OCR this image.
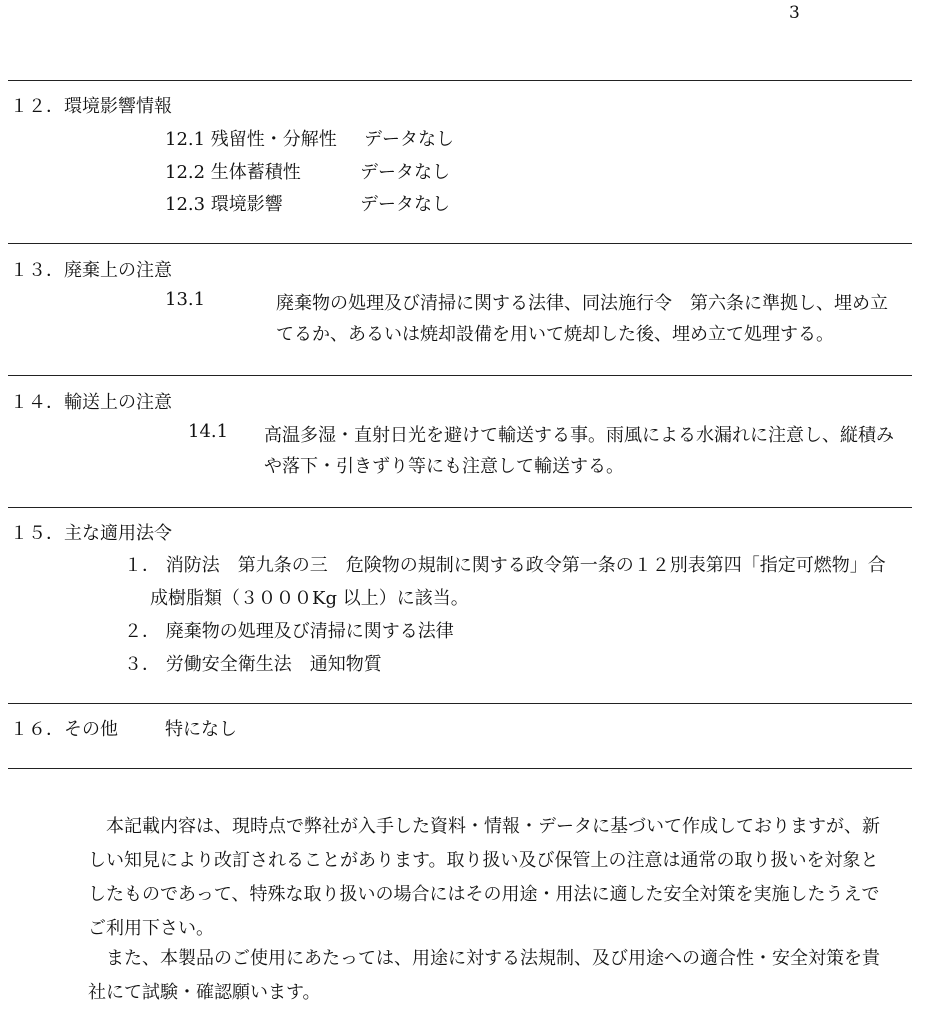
3
１２．環境影響情報
12.1 残留性・分解性 データなし
12.2 生体蓄積性	データなし
12.3 環境影響	データなし
１３．廃棄上の注意
13.1	廃棄物の処理及び清掃に関する法律、同法施行令　第六条に準拠し、埋め立
てるか、あるいは焼却設備を用いて焼却した後、埋め立て処理する。
１４．輸送上の注意
14.1 高温多湿・直射日光を避けて輸送する事。雨風による水漏れに注意し、縦積み
や落下・引きずり等にも注意して輸送する。
１５．主な適用法令
１． 消防法　第九条の三　危険物の規制に関する政令第一条の１２別表第四「指定可燃物」合
成樹脂類（３０００Kg 以上）に該当。
２． 廃棄物の処理及び清掃に関する法律
３． 労働安全衛生法　通知物質
１６．その他	特になし
　本記載内容は、現時点で弊社が入手した資料・情報・データに基づいて作成しておりますが、新
しい知見により改訂されることがあります。取り扱い及び保管上の注意は通常の取り扱いを対象と
したものであって、特殊な取り扱いの場合にはその用途・用法に適した安全対策を実施したうえで
ご利用下さい。
　また、本製品のご使用にあたっては、用途に対する法規制、及び用途への適合性・安全対策を貴
社にて試験・確認願います。
